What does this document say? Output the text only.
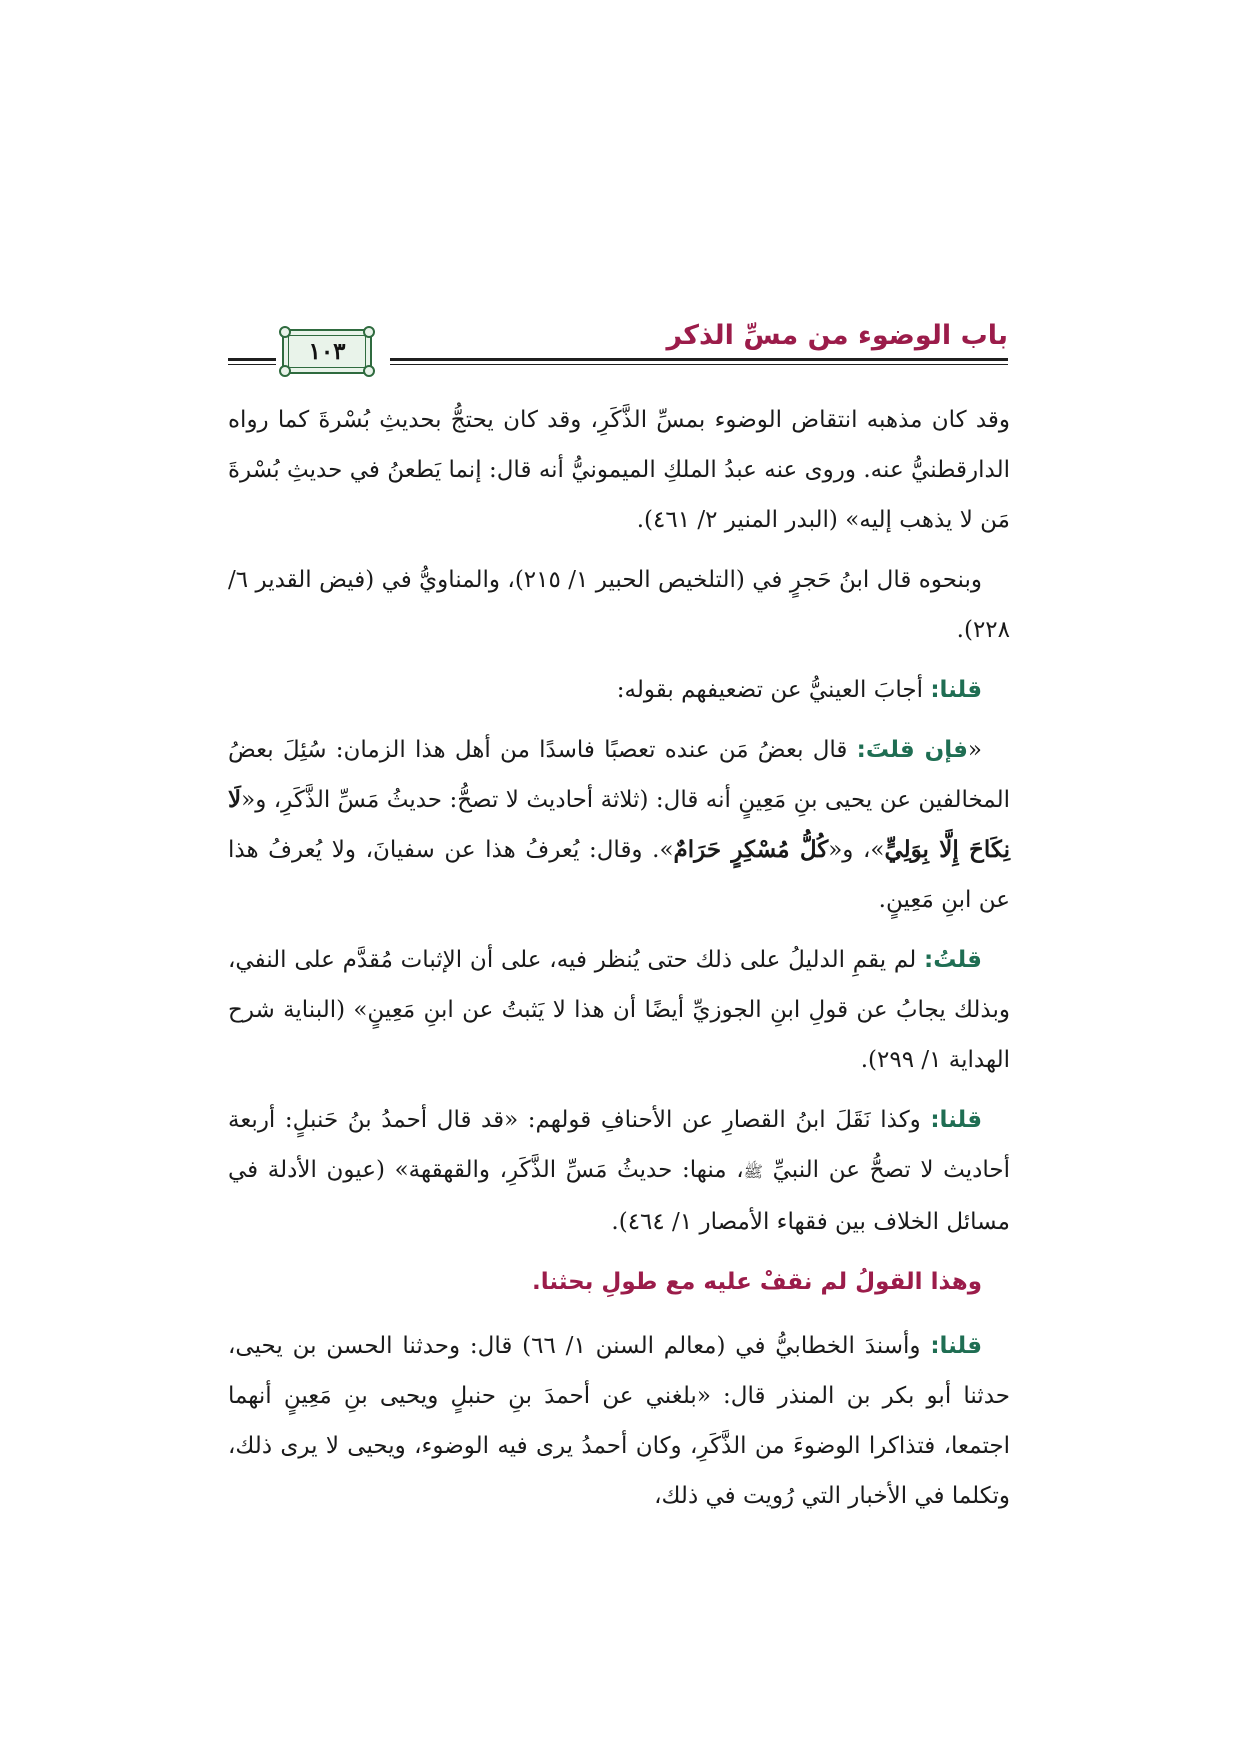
باب الوضوء من مسِّ الذكر
١٠٣

وقد كان مذهبه انتقاض الوضوء بمسِّ الذَّكَرِ، وقد كان يحتجُّ بحديثِ بُسْرةَ كما رواه الدارقطنيُّ عنه. وروى عنه عبدُ الملكِ الميمونيُّ أنه قال: إنما يَطعنُ في حديثِ بُسْرةَ مَن لا يذهب إليه» (البدر المنير ٢/ ٤٦١).

وبنحوه قال ابنُ حَجرٍ في (التلخيص الحبير ١/ ٢١٥)، والمناويُّ في (فيض القدير ٦/ ٢٢٨).

قلنا: أجابَ العينيُّ عن تضعيفهم بقوله:

«فإن قلتَ: قال بعضُ مَن عنده تعصبًا فاسدًا من أهل هذا الزمان: سُئِلَ بعضُ المخالفين عن يحيى بنِ مَعِينٍ أنه قال: (ثلاثة أحاديث لا تصحُّ: حديثُ مَسِّ الذَّكَرِ، و«لَا نِكَاحَ إِلَّا بِوَلِيٍّ»، و«كُلُّ مُسْكِرٍ حَرَامٌ». وقال: يُعرفُ هذا عن سفيانَ، ولا يُعرفُ هذا عن ابنِ مَعِينٍ.

قلتُ: لم يقمِ الدليلُ على ذلك حتى يُنظر فيه، على أن الإثبات مُقدَّم على النفي، وبذلك يجابُ عن قولِ ابنِ الجوزيِّ أيضًا أن هذا لا يَثبتُ عن ابنِ مَعِينٍ» (البناية شرح الهداية ١/ ٢٩٩).

قلنا: وكذا نَقَلَ ابنُ القصارِ عن الأحنافِ قولهم: «قد قال أحمدُ بنُ حَنبلٍ: أربعة أحاديث لا تصحُّ عن النبيِّ ﷺ، منها: حديثُ مَسِّ الذَّكَرِ، والقهقهة» (عيون الأدلة في مسائل الخلاف بين فقهاء الأمصار ١/ ٤٦٤).

وهذا القولُ لم نقفْ عليه مع طولِ بحثنا.

قلنا: وأسندَ الخطابيُّ في (معالم السنن ١/ ٦٦) قال: وحدثنا الحسن بن يحيى، حدثنا أبو بكر بن المنذر قال: «بلغني عن أحمدَ بنِ حنبلٍ ويحيى بنِ مَعِينٍ أنهما اجتمعا، فتذاكرا الوضوءَ من الذَّكَرِ، وكان أحمدُ يرى فيه الوضوء، ويحيى لا يرى ذلك، وتكلما في الأخبار التي رُويت في ذلك،
